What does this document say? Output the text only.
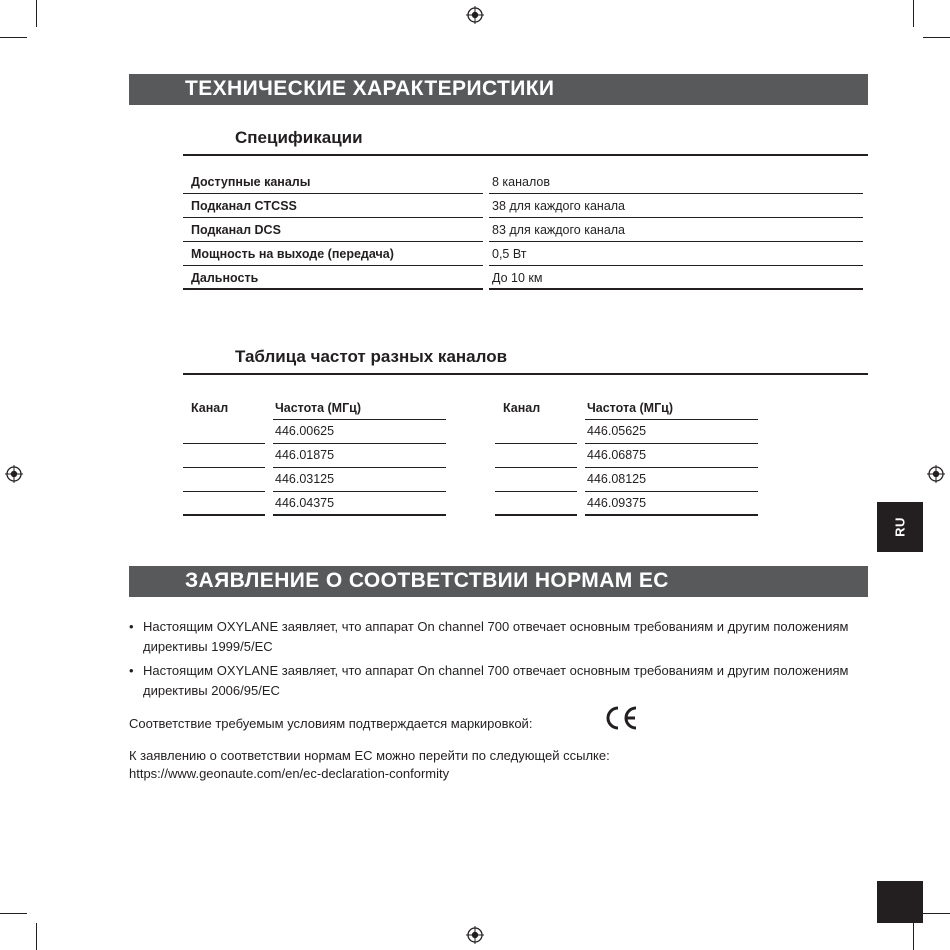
ТЕХНИЧЕСКИЕ ХАРАКТЕРИСТИКИ
Спецификации
Доступные каналы	8 каналов
Подканал CTCSS	38 для каждого канала
Подканал DCS	83 для каждого канала
Мощность на выходе (передача)	0,5 Вт
Дальность	До 10 км
Таблица частот разных каналов
Канал	Частота (МГц)
446.00625
446.01875
446.03125
446.04375
Канал	Частота (МГц)
446.05625
446.06875
446.08125
446.09375
RU
ЗАЯВЛЕНИЕ О СООТВЕТСТВИИ НОРМАМ ЕС
• Настоящим OXYLANE заявляет, что аппарат On channel 700 отвечает основным требованиям и другим положениям директивы 1999/5/EC
• Настоящим OXYLANE заявляет, что аппарат On channel 700 отвечает основным требованиям и другим положениям директивы 2006/95/EC
Соответствие требуемым условиям подтверждается маркировкой:
К заявлению о соответствии нормам ЕС можно перейти по следующей ссылке:
https://www.geonaute.com/en/ec-declaration-conformity
